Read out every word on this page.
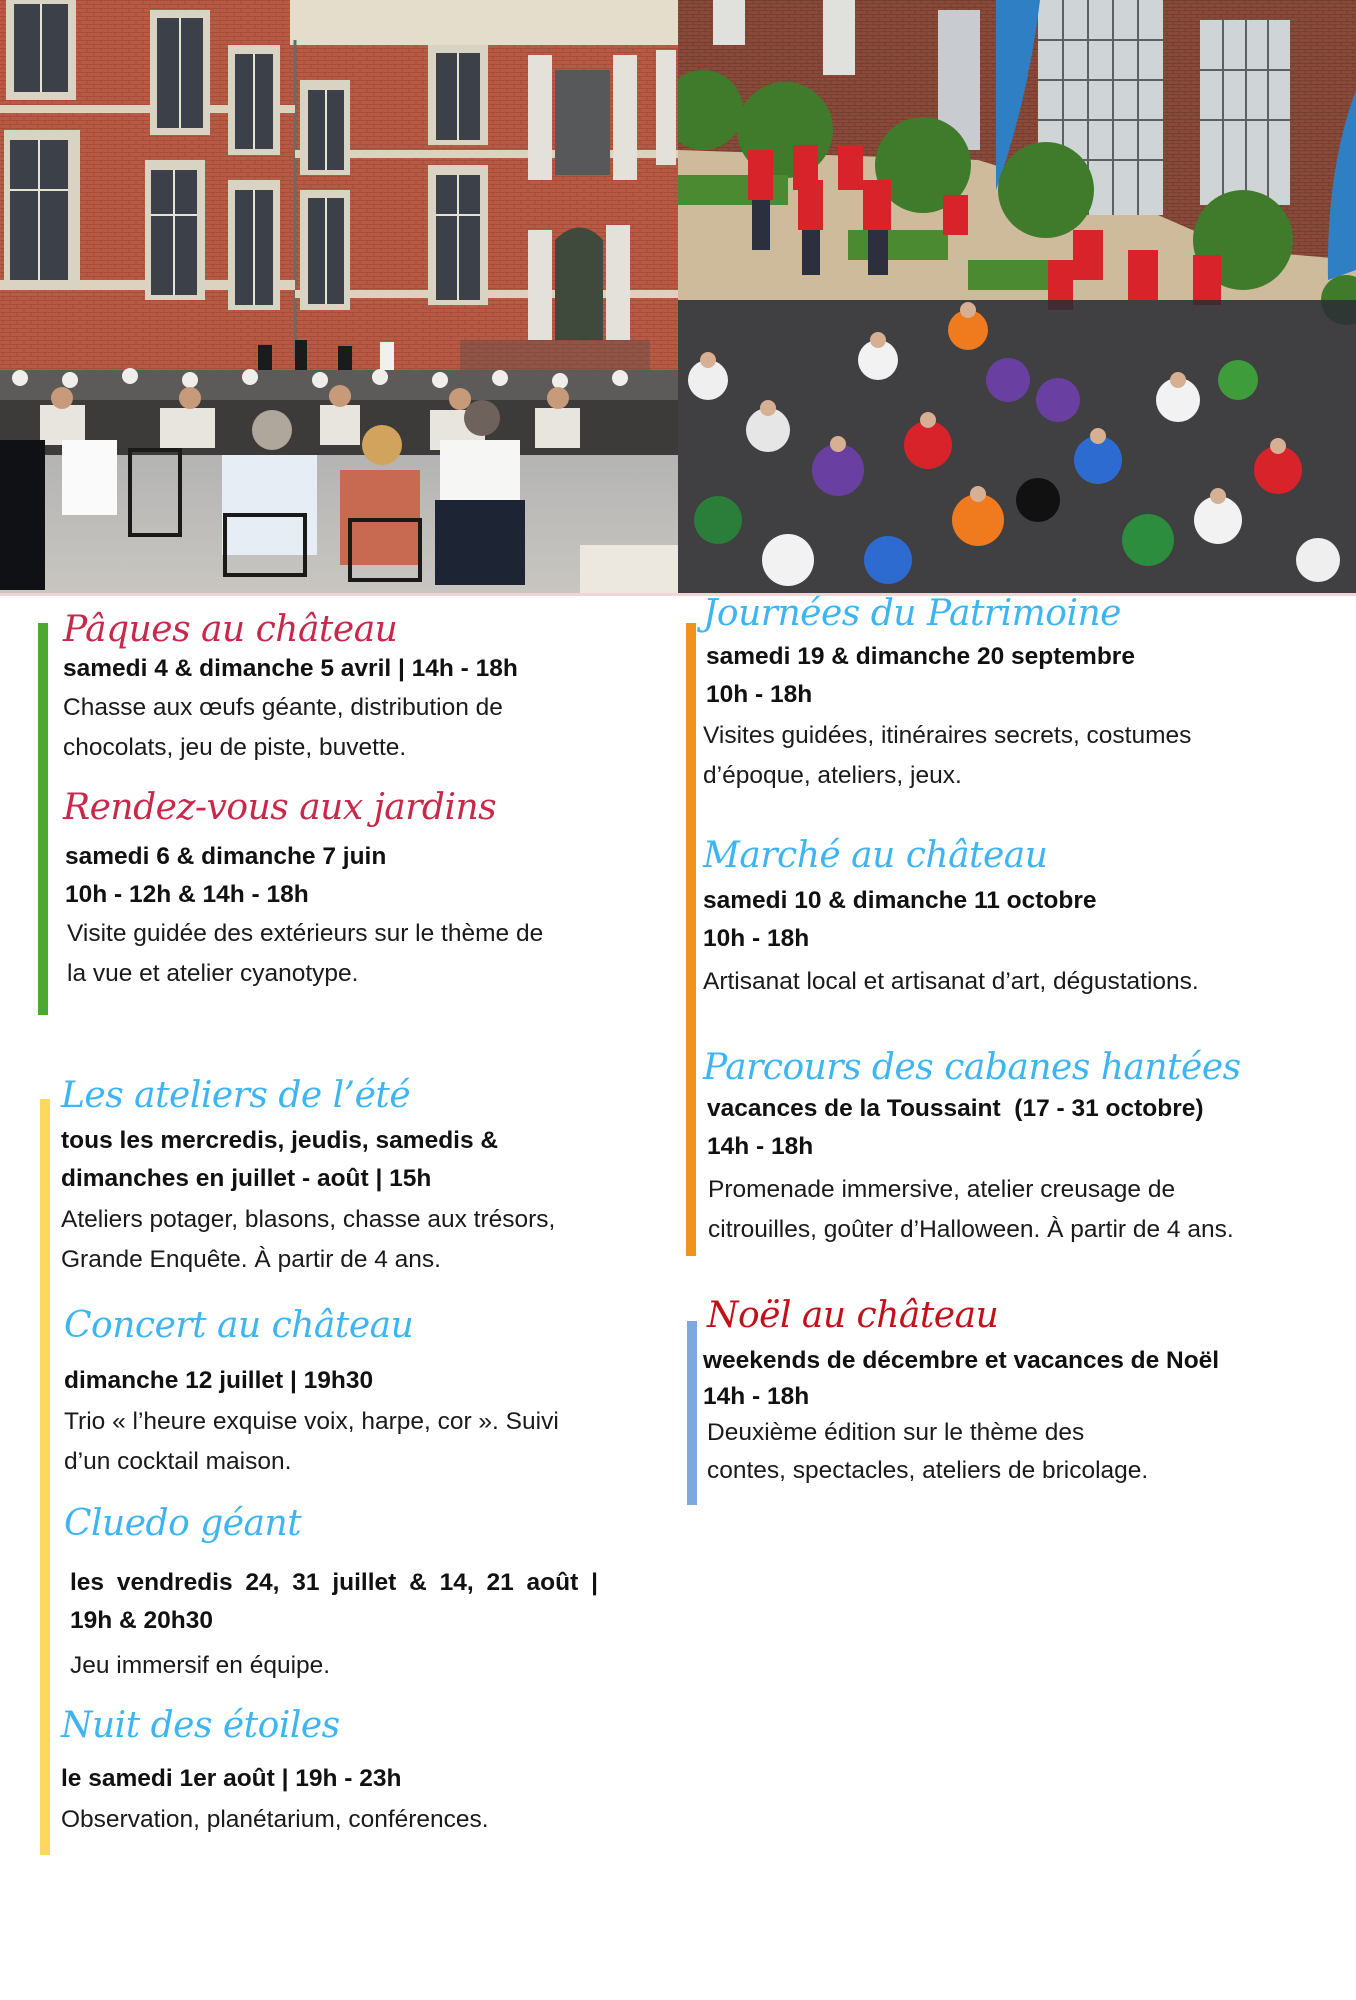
Pâques au château
samedi 4 & dimanche 5 avril | 14h - 18h
Chasse aux œufs géante, distribution de
chocolats, jeu de piste, buvette.
Rendez-vous aux jardins
samedi 6 & dimanche 7 juin
10h - 12h & 14h - 18h
Visite guidée des extérieurs sur le thème de
la vue et atelier cyanotype.
Les ateliers de l’été
tous les mercredis, jeudis, samedis &
dimanches en juillet - août | 15h
Ateliers potager, blasons, chasse aux trésors,
Grande Enquête. À partir de 4 ans.
Concert au château
dimanche 12 juillet | 19h30
Trio « l’heure exquise voix, harpe, cor ». Suivi
d’un cocktail maison.
Cluedo géant
les vendredis 24, 31 juillet & 14, 21 août |
19h & 20h30
Jeu immersif en équipe.
Nuit des étoiles
le samedi 1er août | 19h - 23h
Observation, planétarium, conférences.
Journées du Patrimoine
samedi 19 & dimanche 20 septembre
10h - 18h
Visites guidées, itinéraires secrets, costumes
d’époque, ateliers, jeux.
Marché au château
samedi 10 & dimanche 11 octobre
10h - 18h
Artisanat local et artisanat d’art, dégustations.
Parcours des cabanes hantées
vacances de la Toussaint  (17 - 31 octobre)
14h - 18h
Promenade immersive, atelier creusage de
citrouilles, goûter d’Halloween. À partir de 4 ans.
Noël au château
weekends de décembre et vacances de Noël
14h - 18h
Deuxième édition sur le thème des
contes, spectacles, ateliers de bricolage.
